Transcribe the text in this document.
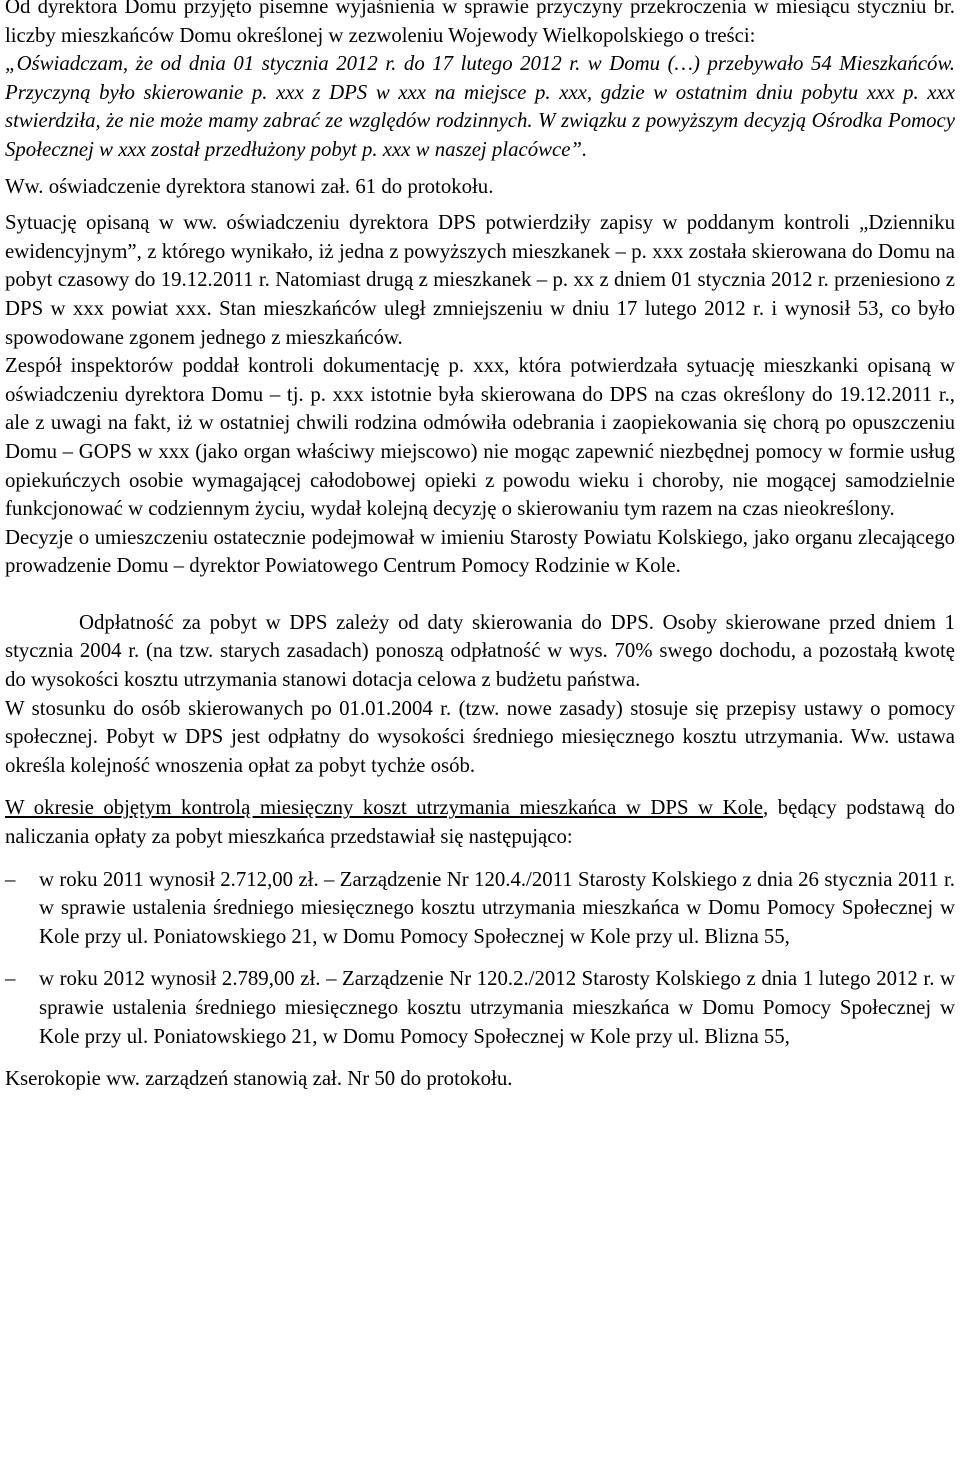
Od dyrektora Domu przyjęto pisemne wyjaśnienia w sprawie przyczyny przekroczenia w miesiącu styczniu br. liczby mieszkańców Domu określonej w zezwoleniu Wojewody Wielkopolskiego o treści:

„Oświadczam, że od dnia 01 stycznia 2012 r. do 17 lutego 2012 r. w Domu (…) przebywało 54 Mieszkańców. Przyczyną było skierowanie p. xxx z DPS w xxx na miejsce p. xxx, gdzie w ostatnim dniu pobytu xxx p. xxx stwierdziła, że nie może mamy zabrać ze względów rodzinnych. W związku z powyższym decyzją Ośrodka Pomocy Społecznej w xxx został przedłużony pobyt p. xxx w naszej placówce”.

Ww. oświadczenie dyrektora stanowi zał. 61 do protokołu.

Sytuację opisaną w ww. oświadczeniu dyrektora DPS potwierdziły zapisy w poddanym kontroli „Dzienniku ewidencyjnym”, z którego wynikało, iż jedna z powyższych mieszkanek – p. xxx została skierowana do Domu na pobyt czasowy do 19.12.2011 r. Natomiast drugą z mieszkanek – p. xx z dniem 01 stycznia 2012 r. przeniesiono z DPS w xxx powiat xxx. Stan mieszkańców uległ zmniejszeniu w dniu 17 lutego 2012 r. i wynosił 53, co było spowodowane zgonem jednego z mieszkańców.

Zespół inspektorów poddał kontroli dokumentację p. xxx, która potwierdzała sytuację mieszkanki opisaną w oświadczeniu dyrektora Domu – tj. p. xxx istotnie była skierowana do DPS na czas określony do 19.12.2011 r., ale z uwagi na fakt, iż w ostatniej chwili rodzina odmówiła odebrania i zaopiekowania się chorą po opuszczeniu Domu – GOPS w xxx (jako organ właściwy miejscowo) nie mogąc zapewnić niezbędnej pomocy w formie usług opiekuńczych osobie wymagającej całodobowej opieki z powodu wieku i choroby, nie mogącej samodzielnie funkcjonować w codziennym życiu, wydał kolejną decyzję o skierowaniu tym razem na czas nieokreślony.

Decyzje o umieszczeniu ostatecznie podejmował w imieniu Starosty Powiatu Kolskiego, jako organu zlecającego prowadzenie Domu – dyrektor Powiatowego Centrum Pomocy Rodzinie w Kole.

Odpłatność za pobyt w DPS zależy od daty skierowania do DPS. Osoby skierowane przed dniem 1 stycznia 2004 r. (na tzw. starych zasadach) ponoszą odpłatność w wys. 70% swego dochodu, a pozostałą kwotę do wysokości kosztu utrzymania stanowi dotacja celowa z budżetu państwa.

W stosunku do osób skierowanych po 01.01.2004 r. (tzw. nowe zasady) stosuje się przepisy ustawy o pomocy społecznej. Pobyt w DPS jest odpłatny do wysokości średniego miesięcznego kosztu utrzymania. Ww. ustawa określa kolejność wnoszenia opłat za pobyt tychże osób.

W okresie objętym kontrolą miesięczny koszt utrzymania mieszkańca w DPS w Kole, będący podstawą do naliczania opłaty za pobyt mieszkańca przedstawiał się następująco:

– w roku 2011 wynosił 2.712,00 zł. – Zarządzenie Nr 120.4./2011 Starosty Kolskiego z dnia 26 stycznia 2011 r. w sprawie ustalenia średniego miesięcznego kosztu utrzymania mieszkańca w Domu Pomocy Społecznej w Kole przy ul. Poniatowskiego 21, w Domu Pomocy Społecznej w Kole przy ul. Blizna 55,
– w roku 2012 wynosił 2.789,00 zł. – Zarządzenie Nr 120.2./2012 Starosty Kolskiego z dnia 1 lutego 2012 r. w sprawie ustalenia średniego miesięcznego kosztu utrzymania mieszkańca w Domu Pomocy Społecznej w Kole przy ul. Poniatowskiego 21, w Domu Pomocy Społecznej w Kole przy ul. Blizna 55,

Kserokopie ww. zarządzeń stanowią zał. Nr 50 do protokołu.
